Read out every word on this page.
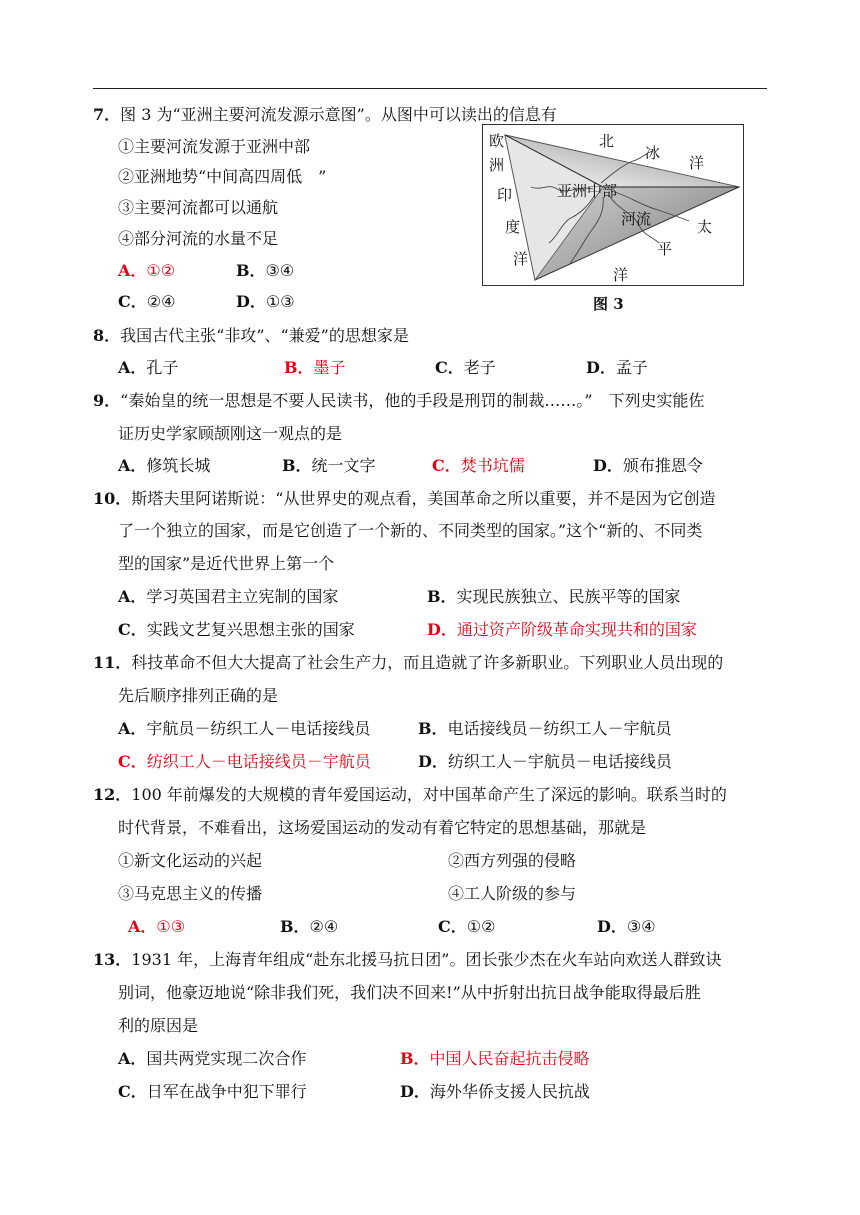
7．图 3 为“亚洲主要河流发源示意图”。从图中可以读出的信息有
①主要河流发源于亚洲中部
②亚洲地势“中间高四周低　”
③主要河流都可以通航
④部分河流的水量不足
A．①②	B．③④
C．②④	D．①③
欧
洲
北
冰
洋
印	亚洲中部
度	河流	太
平
洋
洋
图 3
8．我国古代主张“非攻”、“兼爱”的思想家是
A．孔子	B．墨子	C．老子	D．孟子
9．“秦始皇的统一思想是不要人民读书，他的手段是刑罚的制裁……。”　下列史实能佐
证历史学家顾颉刚这一观点的是
A．修筑长城	B．统一文字	C．焚书坑儒	D．颁布推恩令
10．斯塔夫里阿诺斯说：“从世界史的观点看，美国革命之所以重要，并不是因为它创造
了一个独立的国家，而是它创造了一个新的、不同类型的国家。”这个“新的、不同类
型的国家”是近代世界上第一个
A．学习英国君主立宪制的国家	B．实现民族独立、民族平等的国家
C．实践文艺复兴思想主张的国家	D．通过资产阶级革命实现共和的国家
11．科技革命不但大大提高了社会生产力，而且造就了许多新职业。下列职业人员出现的
先后顺序排列正确的是
A．宇航员－纺织工人－电话接线员	B．电话接线员－纺织工人－宇航员
C．纺织工人－电话接线员－宇航员	D．纺织工人－宇航员－电话接线员
12．100 年前爆发的大规模的青年爱国运动，对中国革命产生了深远的影响。联系当时的
时代背景，不难看出，这场爱国运动的发动有着它特定的思想基础，那就是
①新文化运动的兴起	②西方列强的侵略
③马克思主义的传播	④工人阶级的参与
A．①③	B．②④	C．①②	D．③④
13．1931 年，上海青年组成“赴东北援马抗日团”。团长张少杰在火车站向欢送人群致诀
别词，他豪迈地说“除非我们死，我们决不回来!”从中折射出抗日战争能取得最后胜
利的原因是
A．国共两党实现二次合作	B．中国人民奋起抗击侵略
C．日军在战争中犯下罪行	D．海外华侨支援人民抗战
